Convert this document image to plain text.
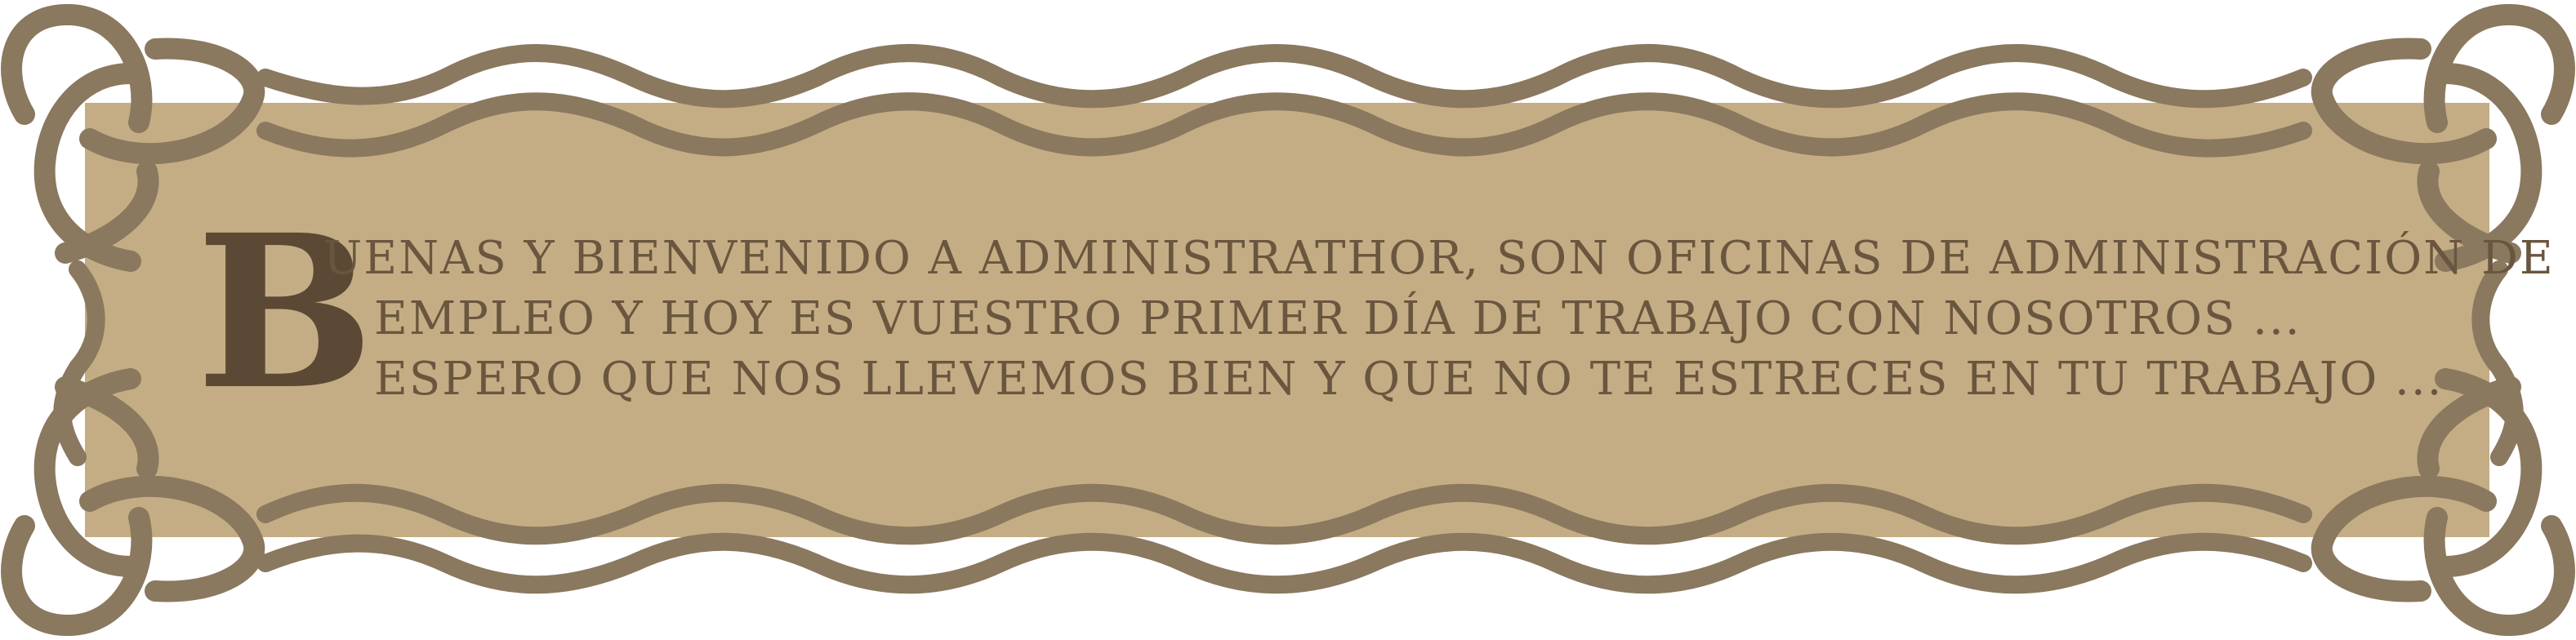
B
UENAS Y BIENVENIDO A ADMINISTRATHOR, SON OFICINAS DE ADMINISTRACIÓN DE
EMPLEO Y HOY ES VUESTRO PRIMER DÍA DE TRABAJO CON NOSOTROS ...
ESPERO QUE NOS LLEVEMOS BIEN Y QUE NO TE ESTRECES EN TU TRABAJO ...
